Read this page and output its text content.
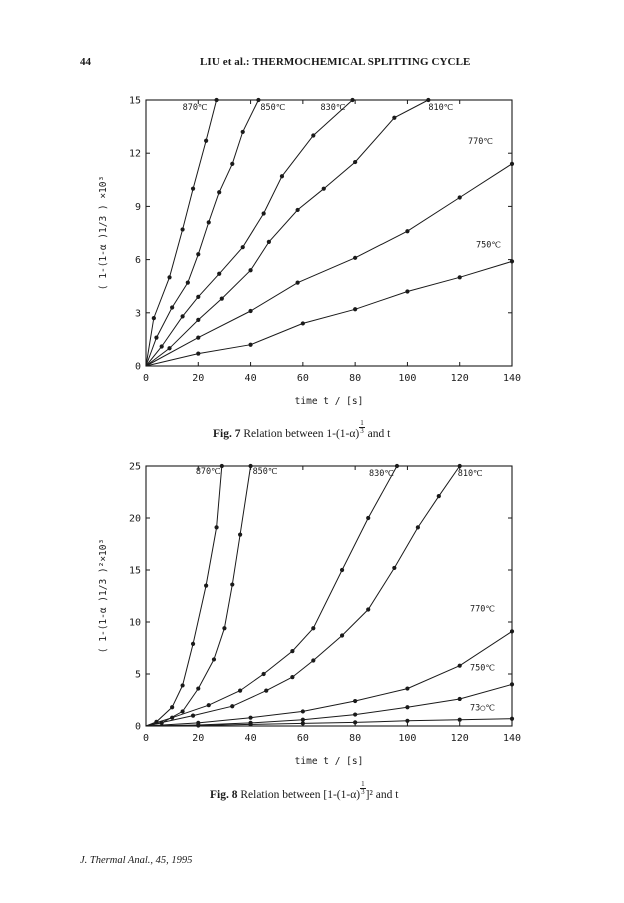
44	LIU et al.: THERMOCHEMICAL SPLITTING CYCLE
0	20	40	60	80	100	120	140
0
3
6
9
12
15
time t / [s]
( 1-(1-α )1/3 ) ×10³
870℃	850℃	830℃	810℃
770℃
750℃
Fig. 7 Relation between $1-(1-\alpha) \frac{1}{3}$ and t
0	20	40	60	80	100	120	140
0
5
10
15
20
25
time t / [s]
( 1-(1-α )1/3 )²×10³
870℃	850℃	830℃	810℃
770℃
750℃
73○℃
Fig. 8 Relation between $[1-(1-\alpha) \frac{1}{3} ]^2$ and t
J. Thermal Anal., 45, 1995
